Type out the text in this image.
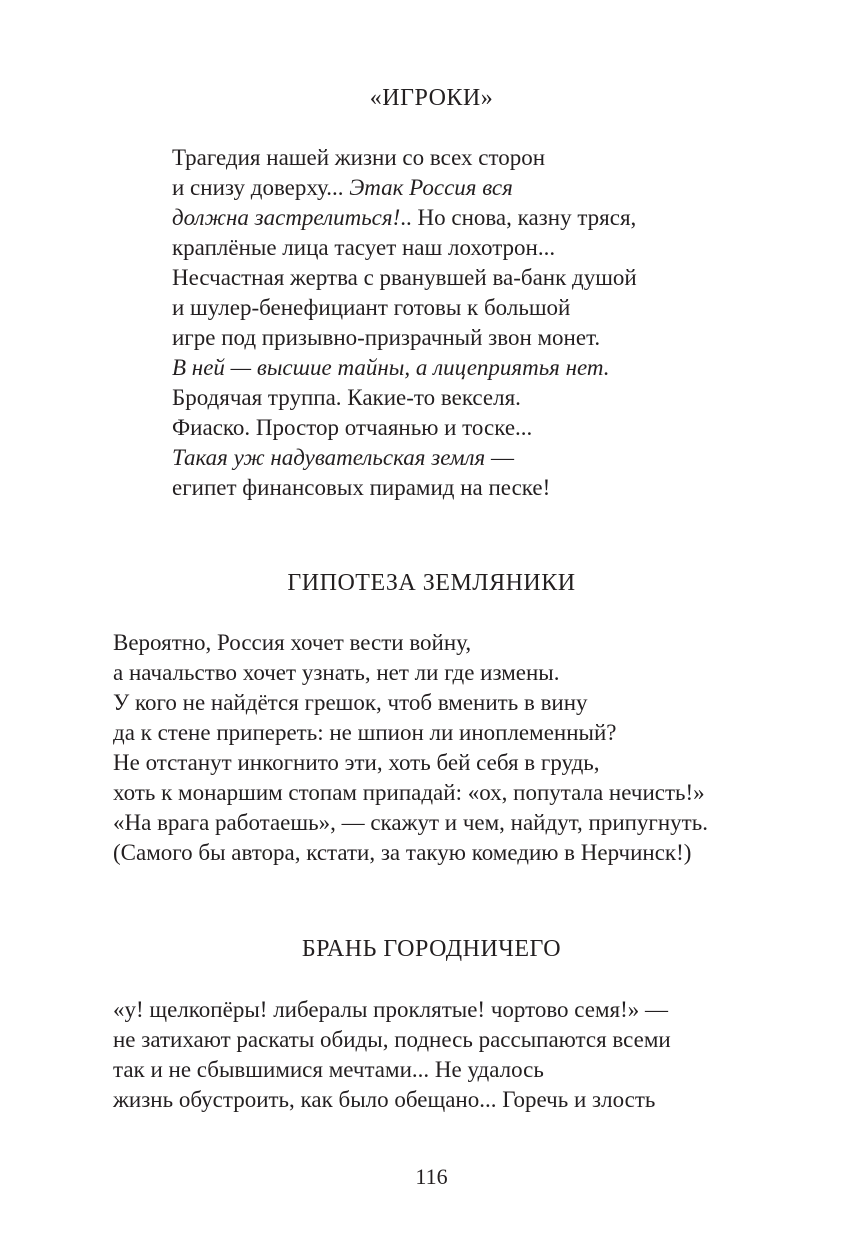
«ИГРОКИ»
Трагедия нашей жизни со всех сторон
и снизу доверху... Этак Россия вся
должна застрелиться!.. Но снова, казну тряся,
краплёные лица тасует наш лохотрон...
Несчастная жертва с рванувшей ва-банк душой
и шулер-бенефициант готовы к большой
игре под призывно-призрачный звон монет.
В ней — высшие тайны, а лицеприятья нет.
Бродячая труппа. Какие-то векселя.
Фиаско. Простор отчаянью и тоске...
Такая уж надувательская земля —
египет финансовых пирамид на песке!
ГИПОТЕЗА ЗЕМЛЯНИКИ
Вероятно, Россия хочет вести войну,
а начальство хочет узнать, нет ли где измены.
У кого не найдётся грешок, чтоб вменить в вину
да к стене припереть: не шпион ли иноплеменный?
Не отстанут инкогнито эти, хоть бей себя в грудь,
хоть к монаршим стопам припадай: «ох, попутала нечисть!»
«На врага работаешь», — скажут и чем, найдут, припугнуть.
(Самого бы автора, кстати, за такую комедию в Нерчинск!)
БРАНЬ ГОРОДНИЧЕГО
«у! щелкопёры! либералы проклятые! чортово семя!» —
не затихают раскаты обиды, поднесь рассыпаются всеми
так и не сбывшимися мечтами... Не удалось
жизнь обустроить, как было обещано... Горечь и злость
116
